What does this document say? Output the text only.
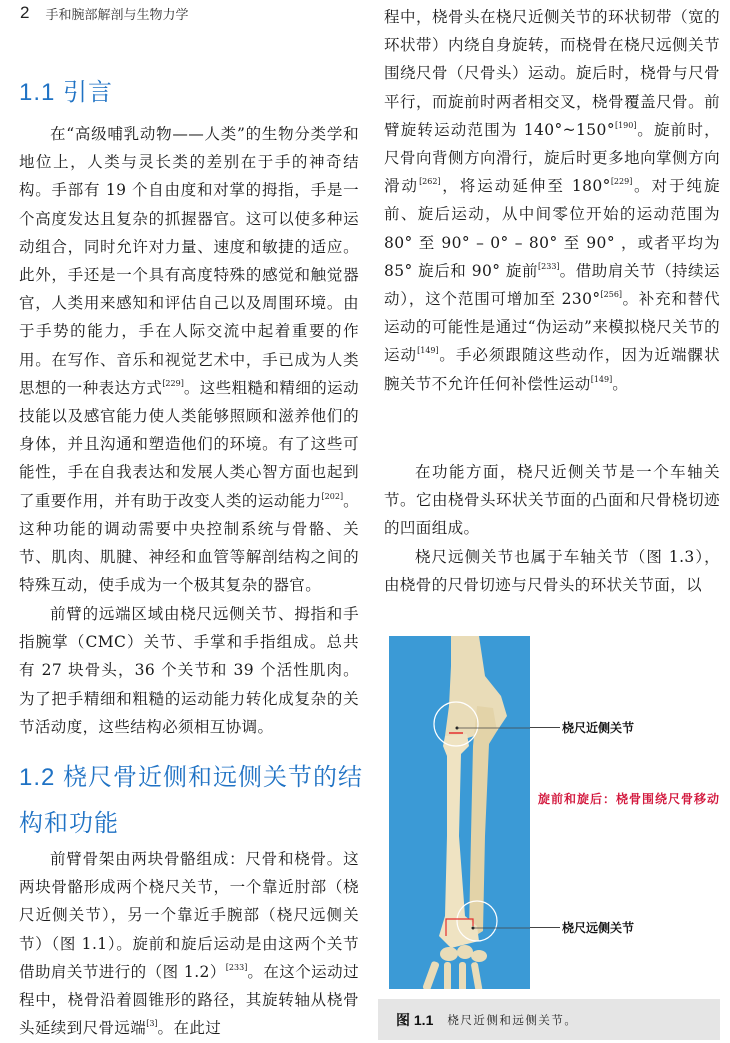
2 手和腕部解剖与生物力学
1.1 引言

在“高级哺乳动物——人类”的生物分类学和地位上，人类与灵长类的差别在于手的神奇结构。手部有 19 个自由度和对掌的拇指，手是一个高度发达且复杂的抓握器官。这可以使多种运动组合，同时允许对力量、速度和敏捷的适应。此外，手还是一个具有高度特殊的感觉和触觉器官，人类用来感知和评估自己以及周围环境。由于手势的能力，手在人际交流中起着重要的作用。在写作、音乐和视觉艺术中，手已成为人类思想的一种表达方式[229]。这些粗糙和精细的运动技能以及感官能力使人类能够照顾和滋养他们的身体，并且沟通和塑造他们的环境。有了这些可能性，手在自我表达和发展人类心智方面也起到了重要作用，并有助于改变人类的运动能力[202]。这种功能的调动需要中央控制系统与骨骼、关节、肌肉、肌腱、神经和血管等解剖结构之间的特殊互动，使手成为一个极其复杂的器官。

前臂的远端区域由桡尺远侧关节、拇指和手指腕掌（CMC）关节、手掌和手指组成。总共有 27 块骨头，36 个关节和 39 个活性肌肉。为了把手精细和粗糙的运动能力转化成复杂的关节活动度，这些结构必须相互协调。

1.2 桡尺骨近侧和远侧关节的结构和功能

前臂骨架由两块骨骼组成：尺骨和桡骨。这两块骨骼形成两个桡尺关节，一个靠近肘部（桡尺近侧关节），另一个靠近手腕部（桡尺远侧关节）（图 1.1）。旋前和旋后运动是由这两个关节借助肩关节进行的（图 1.2）[233]。在这个运动过程中，桡骨沿着圆锥形的路径，其旋转轴从桡骨头延续到尺骨远端[3]。在此过

程中，桡骨头在桡尺近侧关节的环状韧带（宽的环状带）内绕自身旋转，而桡骨在桡尺远侧关节围绕尺骨（尺骨头）运动。旋后时，桡骨与尺骨平行，而旋前时两者相交叉，桡骨覆盖尺骨。前臂旋转运动范围为 140°~150°[190]。旋前时，尺骨向背侧方向滑行，旋后时更多地向掌侧方向滑动[262]，将运动延伸至 180°[229]。对于纯旋前、旋后运动，从中间零位开始的运动范围为 80° 至 90° – 0° – 80° 至 90° ，或者平均为 85° 旋后和 90° 旋前[233]。借助肩关节（持续运动），这个范围可增加至 230°[256]。补充和替代运动的可能性是通过“伪运动”来模拟桡尺关节的运动[149]。手必须跟随这些动作，因为近端髁状腕关节不允许任何补偿性运动[149]。

在功能方面，桡尺近侧关节是一个车轴关节。它由桡骨头环状关节面的凸面和尺骨桡切迹的凹面组成。

桡尺远侧关节也属于车轴关节（图 1.3），由桡骨的尺骨切迹与尺骨头的环状关节面，以

桡尺近侧关节
旋前和旋后：桡骨围绕尺骨移动
桡尺远侧关节
图 1.1 桡尺近侧和远侧关节。
